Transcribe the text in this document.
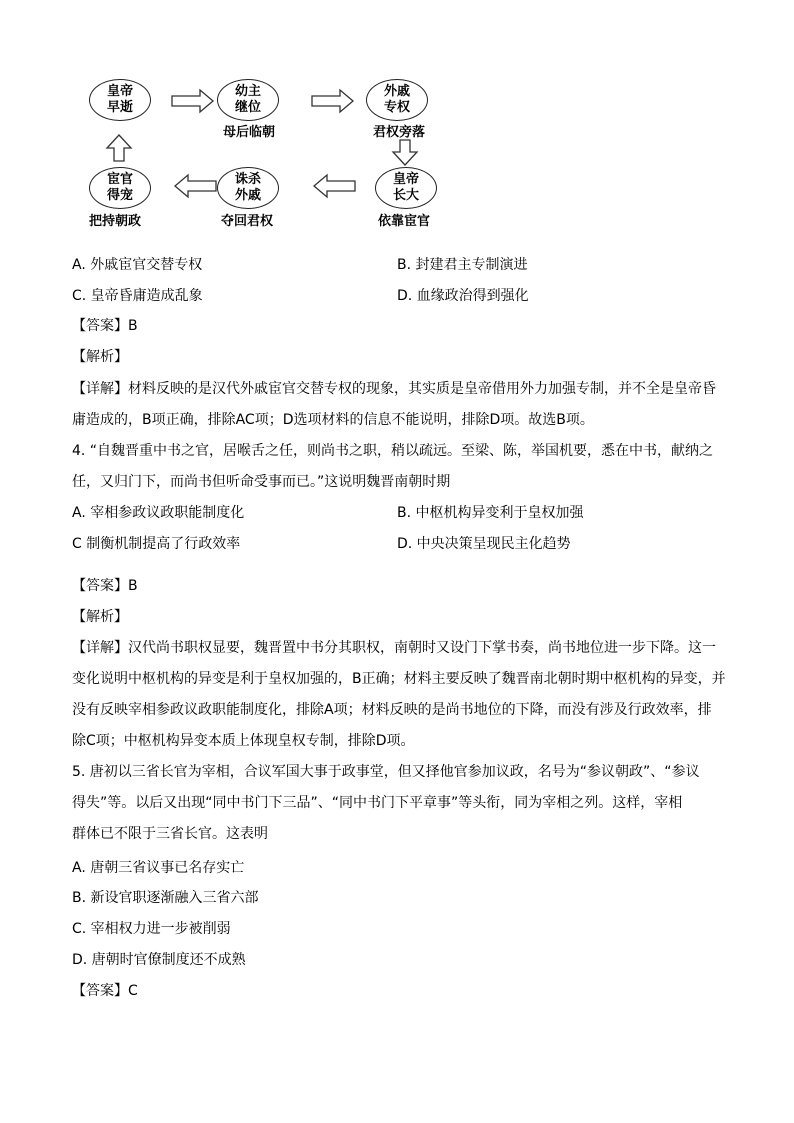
皇帝
早逝
幼主
继位
母后临朝
外戚
专权
君权旁落
皇帝
长大
依靠宦官
诛杀
外戚
夺回君权
宦官
得宠
把持朝政
A. 外戚宦官交替专权	B. 封建君主专制演进
C. 皇帝昏庸造成乱象	D. 血缘政治得到强化
【答案】B
【解析】
【详解】材料反映的是汉代外戚宦官交替专权的现象，其实质是皇帝借用外力加强专制，并不全是皇帝昏
庸造成的，B项正确，排除AC项；D选项材料的信息不能说明，排除D项。故选B项。
4. “自魏晋重中书之官，居喉舌之任，则尚书之职，稍以疏远。至梁、陈，举国机要，悉在中书，献纳之
任，又归门下，而尚书但听命受事而已。”这说明魏晋南朝时期
A. 宰相参政议政职能制度化	B. 中枢机构异变利于皇权加强
C 制衡机制提高了行政效率	D. 中央决策呈现民主化趋势
【答案】B
【解析】
【详解】汉代尚书职权显要，魏晋置中书分其职权，南朝时又设门下掌书奏，尚书地位进一步下降。这一
变化说明中枢机构的异变是利于皇权加强的，B正确；材料主要反映了魏晋南北朝时期中枢机构的异变，并
没有反映宰相参政议政职能制度化，排除A项；材料反映的是尚书地位的下降，而没有涉及行政效率，排
除C项；中枢机构异变本质上体现皇权专制，排除D项。
5. 唐初以三省长官为宰相，合议军国大事于政事堂，但又择他官参加议政，名号为“参议朝政”、“参议
得失”等。以后又出现“同中书门下三品”、“同中书门下平章事”等头衔，同为宰相之列。这样，宰相
群体已不限于三省长官。这表明
A. 唐朝三省议事已名存实亡
B. 新设官职逐渐融入三省六部
C. 宰相权力进一步被削弱
D. 唐朝时官僚制度还不成熟
【答案】C
